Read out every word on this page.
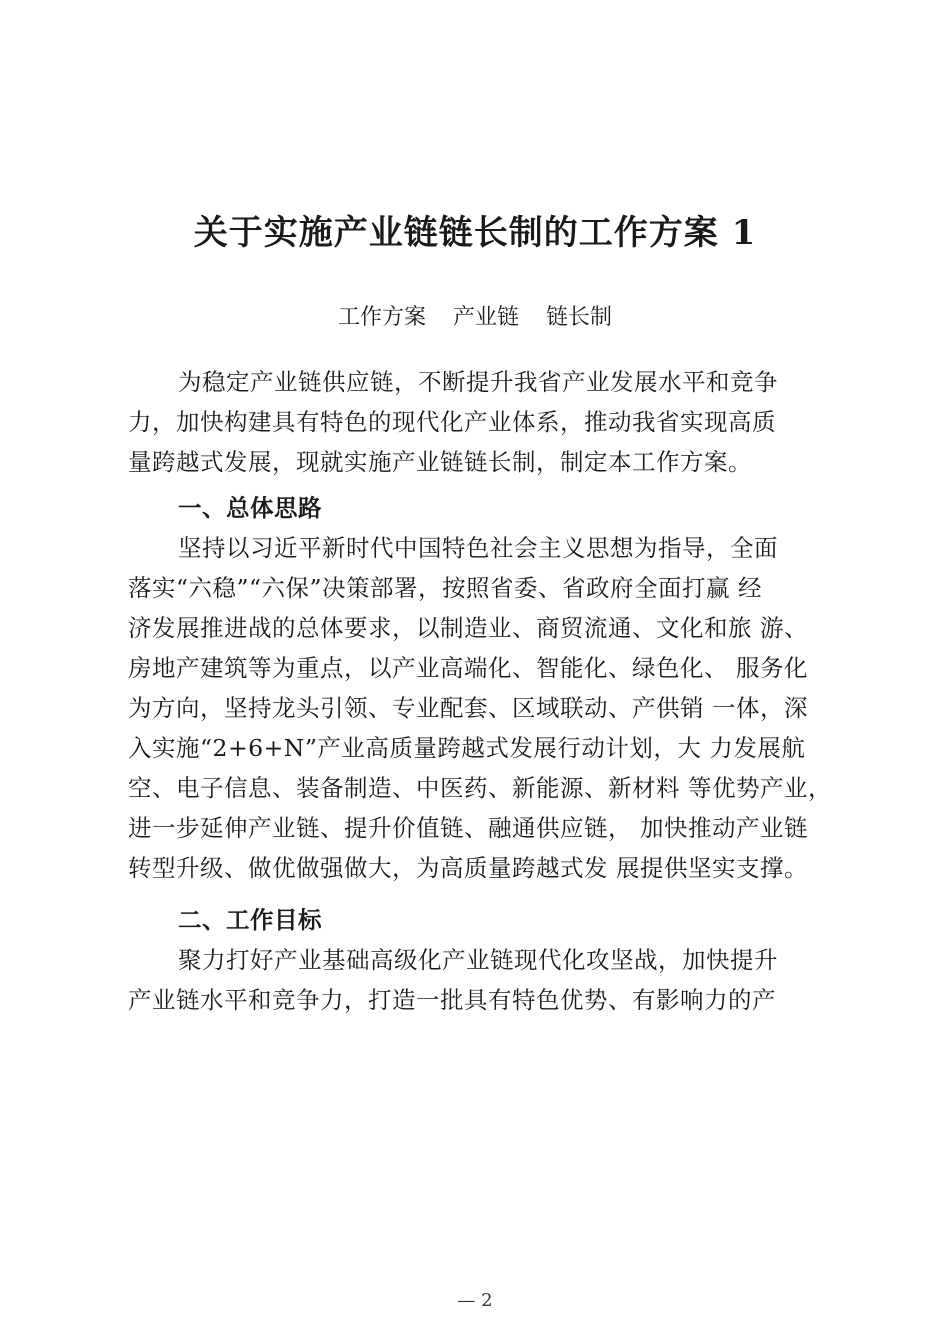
关于实施产业链链长制的工作方案 1
工作方案 产业链 链长制
为稳定产业链供应链，不断提升我省产业发展水平和竞争
力，加快构建具有特色的现代化产业体系，推动我省实现高质
量跨越式发展，现就实施产业链链长制，制定本工作方案。
一、总体思路
坚持以习近平新时代中国特色社会主义思想为指导，全面
落实“六稳”“六保”决策部署，按照省委、省政府全面打赢 经
济发展推进战的总体要求，以制造业、商贸流通、文化和旅 游、
房地产建筑等为重点，以产业高端化、智能化、绿色化、 服务化
为方向，坚持龙头引领、专业配套、区域联动、产供销 一体，深
入实施“2+6+N”产业高质量跨越式发展行动计划，大 力发展航
空、电子信息、装备制造、中医药、新能源、新材料 等优势产业，
进一步延伸产业链、提升价值链、融通供应链， 加快推动产业链
转型升级、做优做强做大，为高质量跨越式发 展提供坚实支撑。
二、工作目标
聚力打好产业基础高级化产业链现代化攻坚战，加快提升
产业链水平和竞争力，打造一批具有特色优势、有影响力的产
— 2
